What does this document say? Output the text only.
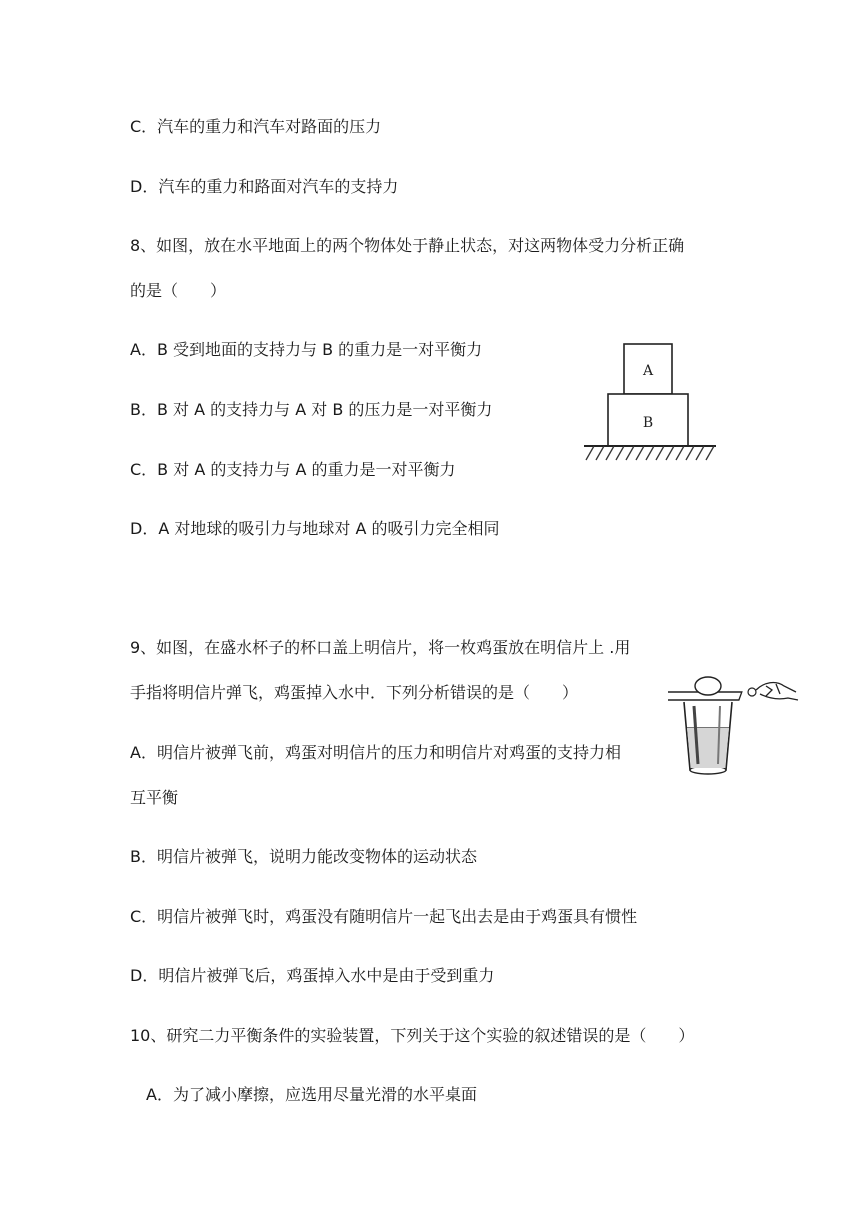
C．汽车的重力和汽车对路面的压力
D．汽车的重力和路面对汽车的支持力
8、如图，放在水平地面上的两个物体处于静止状态，对这两物体受力分析正确
的是（　　）
A．B 受到地面的支持力与 B 的重力是一对平衡力
B．B 对 A 的支持力与 A 对 B 的压力是一对平衡力
C．B 对 A 的支持力与 A 的重力是一对平衡力
D．A 对地球的吸引力与地球对 A 的吸引力完全相同
A
B
9、如图，在盛水杯子的杯口盖上明信片，将一枚鸡蛋放在明信片上 .用
手指将明信片弹飞，鸡蛋掉入水中．下列分析错误的是（　　）
A．明信片被弹飞前，鸡蛋对明信片的压力和明信片对鸡蛋的支持力相
互平衡
B．明信片被弹飞，说明力能改变物体的运动状态
C．明信片被弹飞时，鸡蛋没有随明信片一起飞出去是由于鸡蛋具有惯性
D．明信片被弹飞后，鸡蛋掉入水中是由于受到重力
10、研究二力平衡条件的实验装置，下列关于这个实验的叙述错误的是（　　）
A．为了减小摩擦，应选用尽量光滑的水平桌面
